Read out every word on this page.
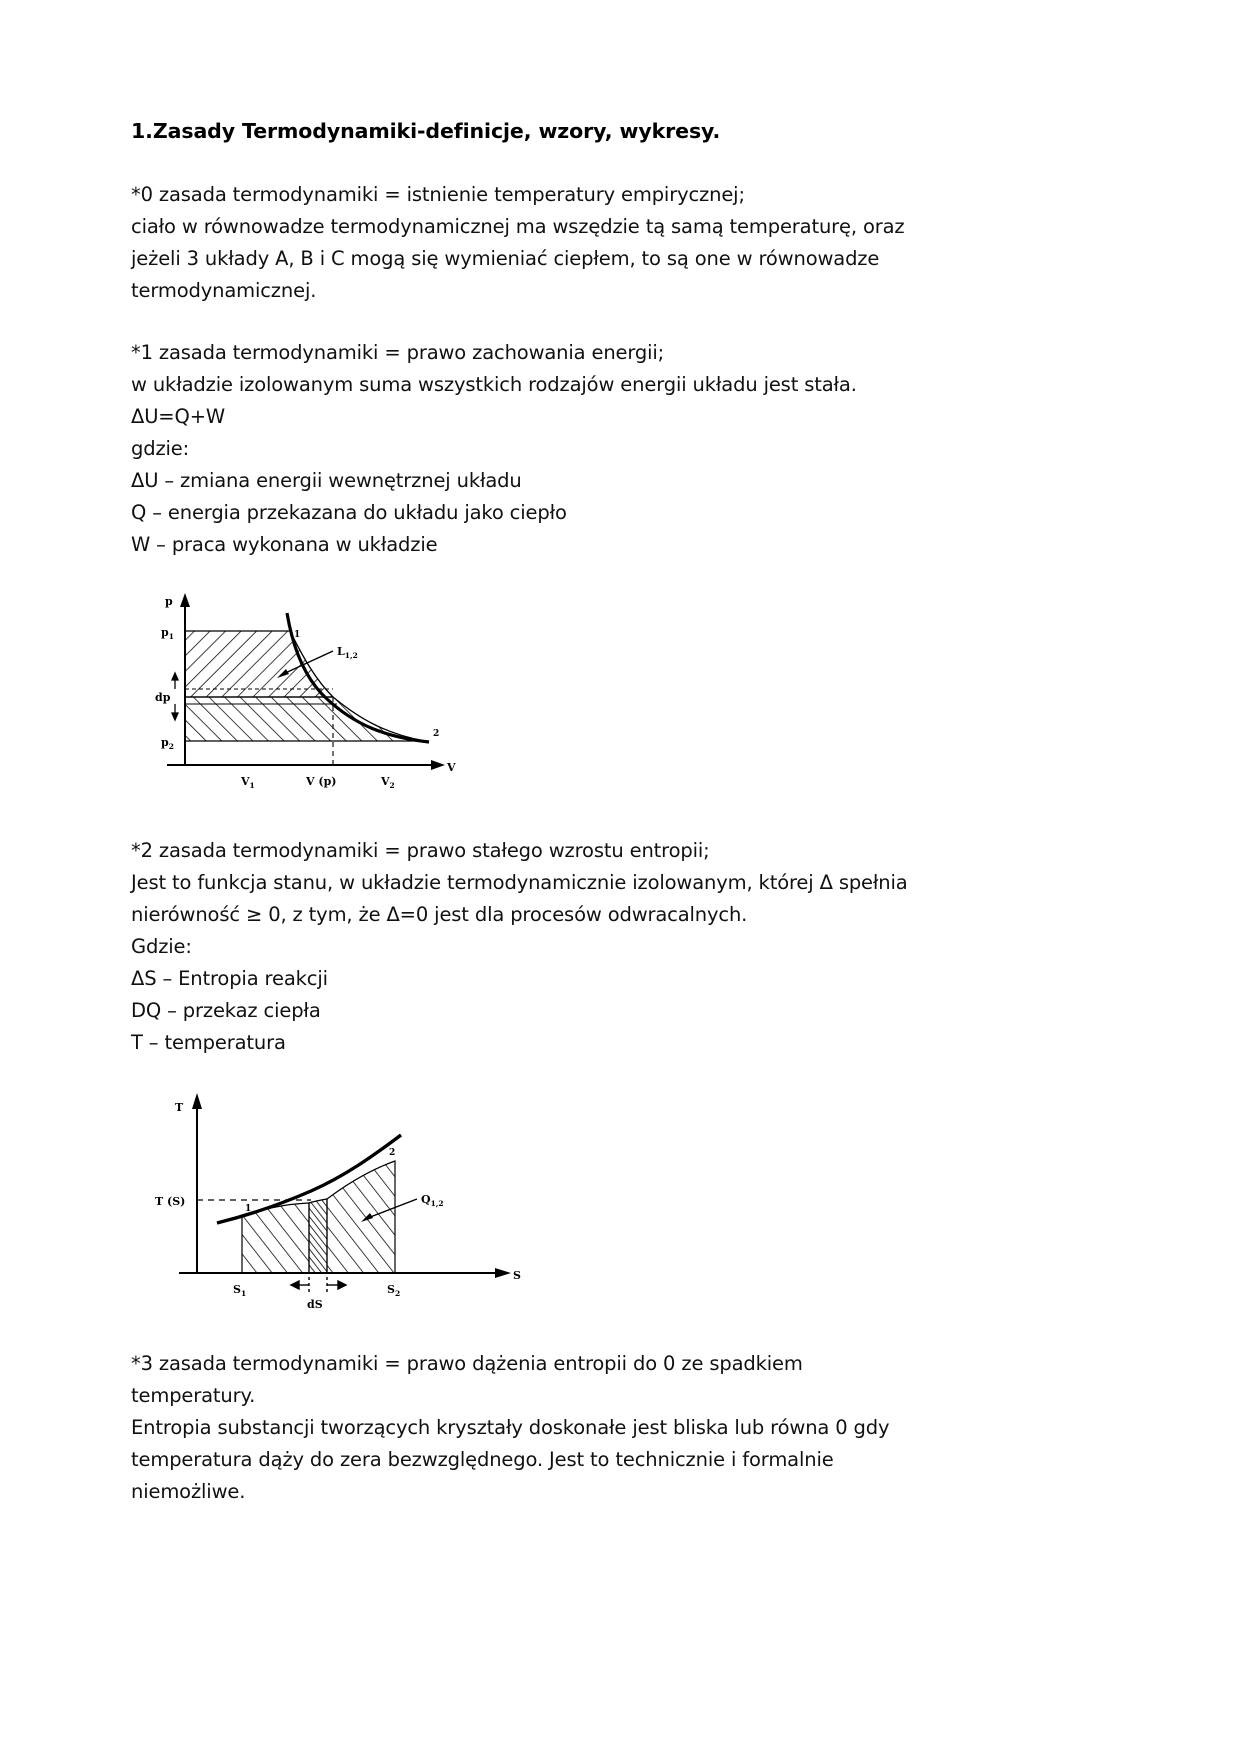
1.Zasady Termodynamiki-definicje, wzory, wykresy.
*0 zasada termodynamiki = istnienie temperatury empirycznej;
ciało w równowadze termodynamicznej ma wszędzie tą samą temperaturę, oraz
jeżeli 3 układy A, B i C mogą się wymieniać ciepłem, to są one w równowadze
termodynamicznej.
*1 zasada termodynamiki = prawo zachowania energii;
w układzie izolowanym suma wszystkich rodzajów energii układu jest stała.
ΔU=Q+W
gdzie:
ΔU – zmiana energii wewnętrznej układu
Q – energia przekazana do układu jako ciepło
W – praca wykonana w układzie
p
V
$p_1$
dp
$p_2$
$V_1$	V (p)	$V_2$
1
2
$L_{1,2}$
*2 zasada termodynamiki = prawo stałego wzrostu entropii;
Jest to funkcja stanu, w układzie termodynamicznie izolowanym, której Δ spełnia
nierówność ≥ 0, z tym, że Δ=0 jest dla procesów odwracalnych.
Gdzie:
ΔS – Entropia reakcji
DQ – przekaz ciepła
T – temperatura
T
S
T (S)
$S_1$
dS
$S_2$
1
2
$Q_{1,2}$
*3 zasada termodynamiki = prawo dążenia entropii do 0 ze spadkiem
temperatury.
Entropia substancji tworzących kryształy doskonałe jest bliska lub równa 0 gdy
temperatura dąży do zera bezwzględnego. Jest to technicznie i formalnie
niemożliwe.
